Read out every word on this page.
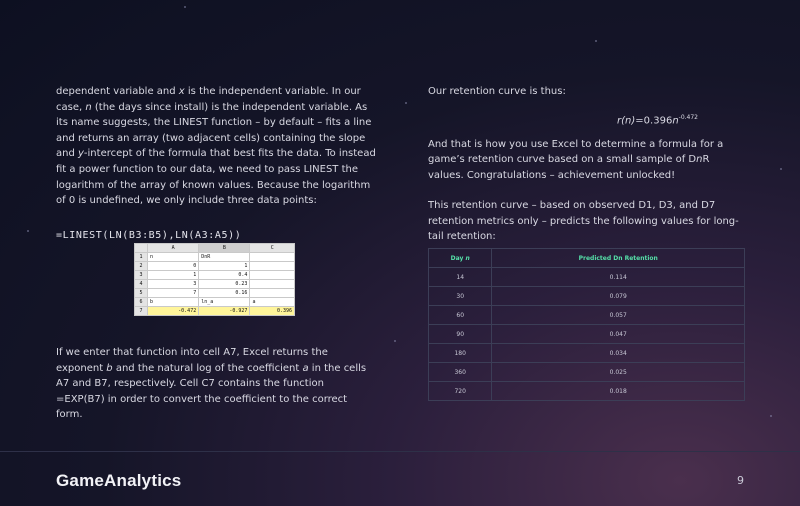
dependent variable and x is the independent variable. In our case, n (the days since install) is the independent variable. As its name suggests, the LINEST function – by default – fits a line and returns an array (two adjacent cells) containing the slope and y-intercept of the formula that best fits the data. To instead fit a power function to our data, we need to pass LINEST the logarithm of the array of known values. Because the logarithm of 0 is undefined, we only include three data points:

=LINEST(LN(B3:B5),LN(A3:A5))

If we enter that function into cell A7, Excel returns the exponent b and the natural log of the coefficient a in the cells A7 and B7, respectively. Cell C7 contains the function =EXP(B7) in order to convert the coefficient to the correct form.

	A	B	C
1	n	DnR	
2	0	1	
3	1	0.4	
4	3	0.23	
5	7	0.16	
6	b	ln_a	a
7	-0.472	-0.927	0.396

Our retention curve is thus:

$r(n)=0.396n^{-0.472}$

And that is how you use Excel to determine a formula for a game’s retention curve based on a small sample of DnR values. Congratulations – achievement unlocked!

This retention curve – based on observed D1, D3, and D7 retention metrics only – predicts the following values for long-tail retention:

Day n	Predicted Dn Retention
14	0.114
30	0.079
60	0.057
90	0.047
180	0.034
360	0.025
720	0.018
GameAnalytics	9
